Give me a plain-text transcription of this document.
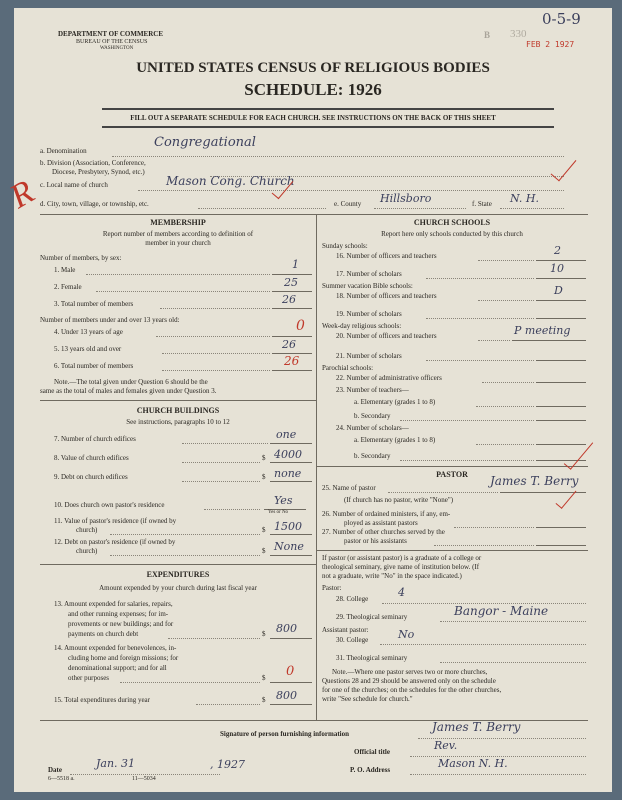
0-5-9
B 330
FEB 2 1927
DEPARTMENT OF COMMERCE
BUREAU OF THE CENSUS
WASHINGTON
UNITED STATES CENSUS OF RELIGIOUS BODIES
SCHEDULE: 1926
FILL OUT A SEPARATE SCHEDULE FOR EACH CHURCH. SEE INSTRUCTIONS ON THE BACK OF THIS SHEET
a. Denomination
Congregational
b. Division (Association, Conference,
Diocese, Presbytery, Synod, etc.)
c. Local name of church	Mason Cong. Church
d. City, town, village, or township, etc.	e. County Hillsboro	f. State N. H.
R
MEMBERSHIP
Report number of members according to definition of
member in your church
Number of members, by sex:
1. Male	1
2. Female	25
3. Total number of members	26
Number of members under and over 13 years old:
4. Under 13 years of age	0
5. 13 years old and over	26
6. Total number of members	26
Note.—The total given under Question 6 should be the
same as the total of males and females given under Question 3.
CHURCH BUILDINGS
See instructions, paragraphs 10 to 12
7. Number of church edifices	one
8. Value of church edifices	$ 4000
9. Debt on church edifices	$ none
10. Does church own pastor's residence	Yes
Yes or No
11. Value of pastor's residence (if owned by
church)	$ 1500
12. Debt on pastor's residence (if owned by
church)	$ None
EXPENDITURES
Amount expended by your church during last fiscal year
13. Amount expended for salaries, repairs,
and other running expenses; for im-
provements or new buildings; and for
payments on church debt	$ 800
14. Amount expended for benevolences, in-
cluding home and foreign missions; for
denominational support; and for all
other purposes	$ 0
15. Total expenditures during year	$ 800
CHURCH SCHOOLS
Report here only schools conducted by this church
Sunday schools:
16. Number of officers and teachers	2
17. Number of scholars	10
Summer vacation Bible schools:
18. Number of officers and teachers	D
19. Number of scholars
Week-day religious schools:
20. Number of officers and teachers	P meeting
21. Number of scholars
Parochial schools:
22. Number of administrative officers
23. Number of teachers—
a. Elementary (grades 1 to 8)
b. Secondary
24. Number of scholars—
a. Elementary (grades 1 to 8)
b. Secondary
PASTOR
25. Name of pastor	James T. Berry
(If church has no pastor, write "None")
26. Number of ordained ministers, if any, em-
ployed as assistant pastors
27. Number of other churches served by the
pastor or his assistants
If pastor (or assistant pastor) is a graduate of a college or
theological seminary, give name of institution below. (If
not a graduate, write "No" in the space indicated.)
Pastor:
28. College	4
29. Theological seminary	Bangor - Maine
Assistant pastor:
30. College	No
31. Theological seminary
Note.—Where one pastor serves two or more churches,
Questions 28 and 29 should be answered only on the schedule
for one of the churches; on the schedules for the other churches,
write "See schedule for church."
Signature of person furnishing information	James T. Berry
Official title	Rev.
Date	Jan. 31	, 1927	P. O. Address	Mason N. H.
6—5518 a.	11—5034
